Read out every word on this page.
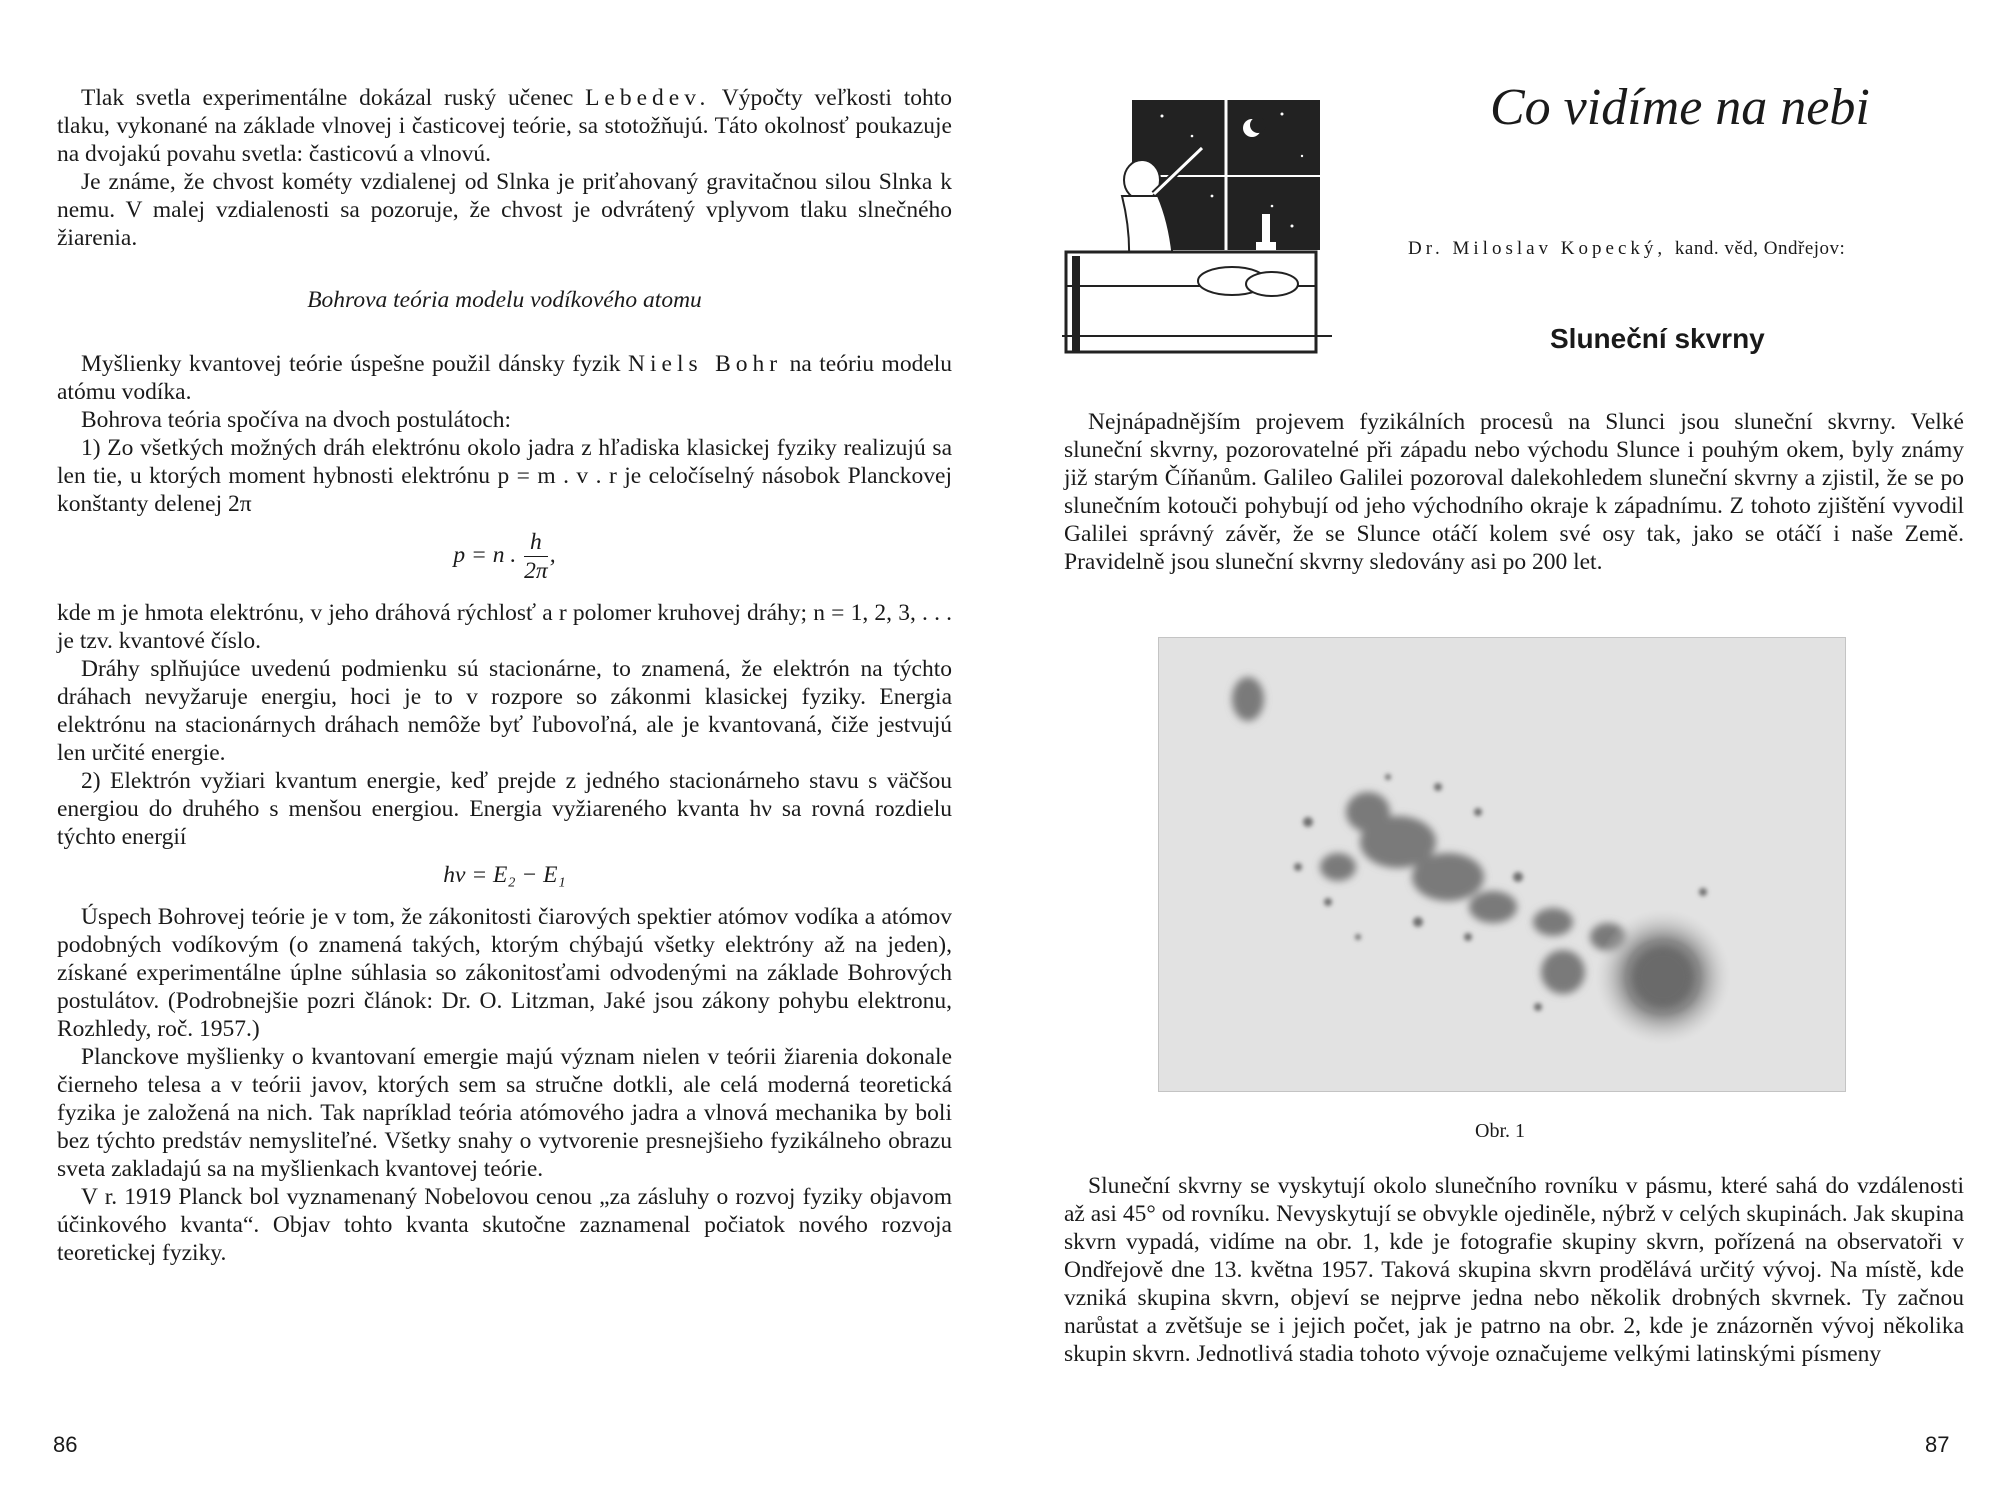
Tlak svetla experimentálne dokázal ruský učenec Lebedev. Výpočty veľkosti tohto tlaku, vykonané na základe vlnovej i časticovej teórie, sa stotožňujú. Táto okolnosť poukazuje na dvojakú povahu svetla: časticovú a vlnovú.

Je známe, že chvost kométy vzdialenej od Slnka je priťahovaný gravitačnou silou Slnka k nemu. V malej vzdialenosti sa pozoruje, že chvost je odvrátený vplyvom tlaku slnečného žiarenia.

Bohrova teória modelu vodíkového atomu

Myšlienky kvantovej teórie úspešne použil dánsky fyzik Niels Bohr na teóriu modelu atómu vodíka.

Bohrova teória spočíva na dvoch postulátoch:

1) Zo všetkých možných dráh elektrónu okolo jadra z hľadiska klasickej fyziky realizujú sa len tie, u ktorých moment hybnosti elektrónu p = m . v . r je celočíselný násobok Planckovej konštanty delenej 2π

p = n . $\frac{h}{2\pi}$ ,

kde m je hmota elektrónu, v jeho dráhová rýchlosť a r polomer kruhovej dráhy; n = 1, 2, 3, . . . je tzv. kvantové číslo.

Dráhy splňujúce uvedenú podmienku sú stacionárne, to znamená, že elektrón na týchto dráhach nevyžaruje energiu, hoci je to v rozpore so zákonmi klasickej fyziky. Energia elektrónu na stacionárnych dráhach nemôže byť ľubovoľná, ale je kvantovaná, čiže jestvujú len určité energie.

2) Elektrón vyžiari kvantum energie, keď prejde z jedného stacionárneho stavu s väčšou energiou do druhého s menšou energiou. Energia vyžiareného kvanta hν sa rovná rozdielu týchto energií

hν = E₂ − E₁

Úspech Bohrovej teórie je v tom, že zákonitosti čiarových spektier atómov vodíka a atómov podobných vodíkovým (o znamená takých, ktorým chýbajú všetky elektróny až na jeden), získané experimentálne úplne súhlasia so zákonitosťami odvodenými na základe Bohrových postulátov. (Podrobnejšie pozri článok: Dr. O. Litzman, Jaké jsou zákony pohybu elektronu, Rozhledy, roč. 1957.)

Planckove myšlienky o kvantovaní emergie majú význam nielen v teórii žiarenia dokonale čierneho telesa a v teórii javov, ktorých sem sa stručne dotkli, ale celá moderná teoretická fyzika je založená na nich. Tak napríklad teória atómového jadra a vlnová mechanika by boli bez týchto predstáv nemysliteľné. Všetky snahy o vytvorenie presnejšieho fyzikálneho obrazu sveta zakladajú sa na myšlienkach kvantovej teórie.

V r. 1919 Planck bol vyznamenaný Nobelovou cenou „za zásluhy o rozvoj fyziky objavom účinkového kvanta“. Objav tohto kvanta skutočne zaznamenal počiatok nového rozvoja teoretickej fyziky.

86
Co vidíme na nebi
Dr. Miloslav Kopecký, kand. věd, Ondřejov:
Sluneční skvrny

Nejnápadnějším projevem fyzikálních procesů na Slunci jsou sluneční skvrny. Velké sluneční skvrny, pozorovatelné při západu nebo východu Slunce i pouhým okem, byly známy již starým Číňanům. Galileo Galilei pozoroval dalekohledem sluneční skvrny a zjistil, že se po slunečním kotouči pohybují od jeho východního okraje k západnímu. Z tohoto zjištění vyvodil Galilei správný závěr, že se Slunce otáčí kolem své osy tak, jako se otáčí i naše Země. Pravidelně jsou sluneční skvrny sledovány asi po 200 let.

Obr. 1

Sluneční skvrny se vyskytují okolo slunečního rovníku v pásmu, které sahá do vzdálenosti až asi 45° od rovníku. Nevyskytují se obvykle ojediněle, nýbrž v celých skupinách. Jak skupina skvrn vypadá, vidíme na obr. 1, kde je fotografie skupiny skvrn, pořízená na observatoři v Ondřejově dne 13. května 1957. Taková skupina skvrn prodělává určitý vývoj. Na místě, kde vzniká skupina skvrn, objeví se nejprve jedna nebo několik drobných skvrnek. Ty začnou narůstat a zvětšuje se i jejich počet, jak je patrno na obr. 2, kde je znázorněn vývoj několika skupin skvrn. Jednotlivá stadia tohoto vývoje označujeme velkými latinskými písmeny

87
